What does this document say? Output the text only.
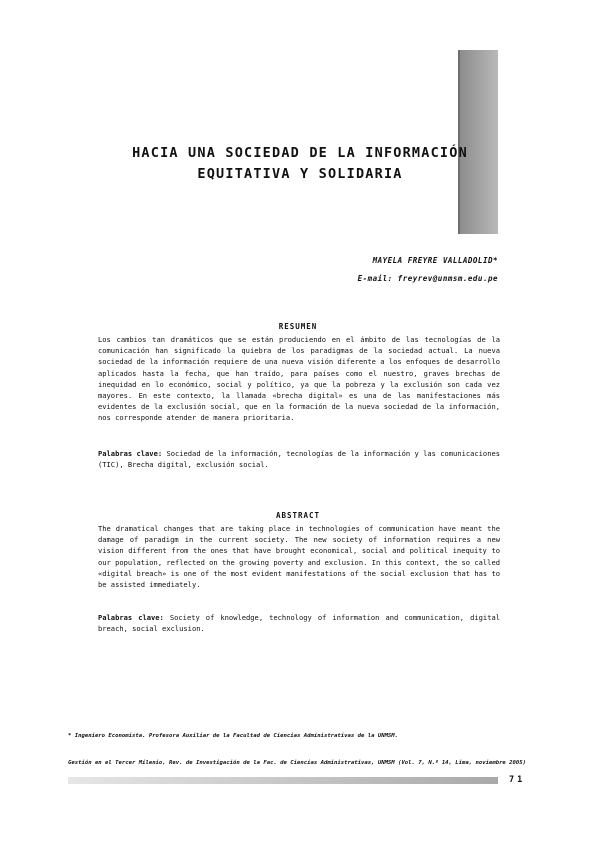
HACIA UNA SOCIEDAD DE LA INFORMACIÓN
EQUITATIVA Y SOLIDARIA
MAYELA FREYRE VALLADOLID*
E-mail: freyrev@unmsm.edu.pe
RESUMEN

Los cambios tan dramáticos que se están produciendo en el ámbito de las tecnologías de la comunicación han significado la quiebra de los paradigmas de la sociedad actual. La nueva sociedad de la información requiere de una nueva visión diferente a los enfoques de desarrollo aplicados hasta la fecha, que han traído, para países como el nuestro, graves brechas de inequidad en lo económico, social y político, ya que la pobreza y la exclusión son cada vez mayores. En este contexto, la llamada «brecha digital» es una de las manifestaciones más evidentes de la exclusión social, que en la formación de la nueva sociedad de la información, nos corresponde atender de manera prioritaria.

Palabras clave: Sociedad de la información, tecnologías de la información y las comunicaciones (TIC), Brecha digital, exclusión social.

ABSTRACT

The dramatical changes that are taking place in technologies of communication have meant the damage of paradigm in the current society. The new society of information requires a new vision different from the ones that have brought economical, social and political inequity to our population, reflected on the growing poverty and exclusion. In this context, the so called «digital breach» is one of the most evident manifestations of the social exclusion that has to be assisted immediately.

Palabras clave: Society of knowledge, technology of information and communication, digital breach, social exclusion.

* Ingeniero Economista. Profesora Auxiliar de la Facultad de Ciencias Administrativas de la UNMSM.
Gestión en el Tercer Milenio, Rev. de Investigación de la Fac. de Ciencias Administrativas, UNMSM (Vol. 7, N.º 14, Lima, noviembre 2005)
71
